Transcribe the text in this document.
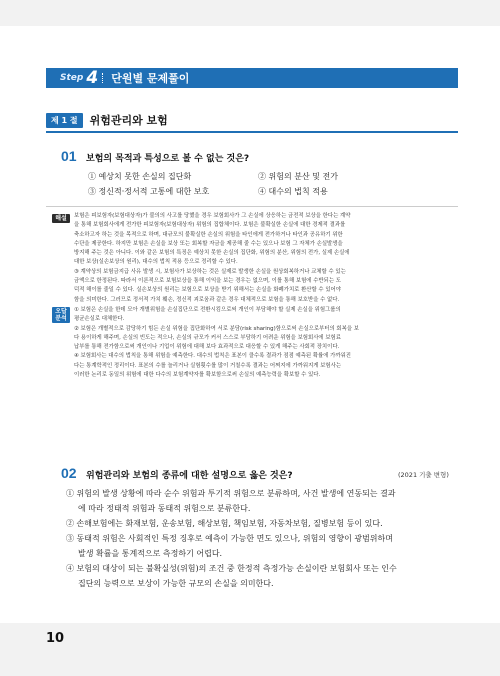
Step 4 단원별 문제풀이
제 1 절	위험관리와 보험
01 보험의 목적과 특성으로 볼 수 없는 것은?
① 예상치 못한 손실의 집단화	② 위험의 분산 및 전가
③ 정신적·정서적 고통에 대한 보호	④ 대수의 법칙 적용
해설	보험은 피보험자(보험대상자)가 불의의 사고를 당했을 경우 보험회사가 그 손실에 상응하는 금전적 보상을 한다는 계약
을 통해 보험회사에게 전가한 피보험자(보험대상자) 위험의 집합체이다. 보험은 불확실한 손실에 대한 경제적 결과를
축소하고자 하는 것을 목적으로 하며, 대규모의 불확실한 손실의 위험을 타인에게 전가하거나 타인과 공유하기 위한
수단을 제공한다. 하지만 보험은 손실을 보상 또는 회복할 자금을 제공해 줄 수는 있으나 보험 그 자체가 손실발생을
방지해 주는 것은 아니다. 이와 같은 보험의 특징은 예상치 못한 손실의 집단화, 위험의 분산, 위험의 전가, 실제 손실에
대한 보상(실손보상의 원리), 대수의 법칙 적용 등으로 정리할 수 있다.
③ 계약상의 보험금지급 사유 발생 시, 보험사가 보상하는 것은 실제로 발생한 손실을 원상회복하거나 교체할 수 있는
금액으로 한정된다. 따라서 이론적으로 보험보상을 통해 이익을 보는 경우는 없으며, 이를 통해 보험에 수반되는 도
덕적 해이를 줄일 수 있다. 실손보상의 원리는 보험으로 보상을 받기 위해서는 손실을 화폐가치로 환산할 수 있어야
함을 의미한다. 그러므로 정서적 가치 훼손, 정신적 괴로움과 같은 경우 대체적으로 보험을 통해 보호받을 수 없다.
오답 분석
① 보험은 손실을 한데 모아 개별위험을 손실집단으로 전환시킴으로써 개인이 부담해야 할 실제 손실을 위험그룹의
평균손실로 대체한다.
② 보험은 개별적으로 감당하기 힘든 손실 위험을 집단화하여 서로 분담(risk sharing)함으로써 손실으로부터의 회복을 보
다 용이하게 해주며, 손실의 빈도는 적으나, 손실의 규모가 커서 스스로 부담하기 어려운 위험을 보험회사에 보험료
납부를 통해 전가함으로써 개인이나 기업이 위험에 대해 보다 효과적으로 대응할 수 있게 해주는 사회적 장치이다.
④ 보험회사는 대수의 법칙을 통해 위험을 예측한다. 대수의 법칙은 표본이 클수록 결과가 점점 예측된 확률에 가까워진
다는 통계학적인 정리이다. 표본의 수를 늘리거나 실험횟수를 많이 거칠수록 결과는 어쩌지에 가까워지게 보험사는
이러한 논리로 동일의 위험에 대한 다수의 보험계약자를 확보함으로써 손실의 예측능력을 확보할 수 있다.
02 위험관리와 보험의 종류에 대한 설명으로 옳은 것은?	(2021 기출 변형)
① 위험의 발생 상황에 따라 순수 위험과 투기적 위험으로 분류하며, 사건 발생에 연동되는 결과
에 따라 정태적 위험과 동태적 위험으로 분류한다.
② 손해보험에는 화재보험, 운송보험, 해상보험, 책임보험, 자동차보험, 질병보험 등이 있다.
③ 동태적 위험은 사회적인 특정 징후로 예측이 가능한 면도 있으나, 위험의 영향이 광범위하며
발생 확률을 통계적으로 측정하기 어렵다.
④ 보험의 대상이 되는 불확실성(위험)의 조건 중 한정적 측정가능 손실이란 보험회사 또는 인수
집단의 능력으로 보상이 가능한 규모의 손실을 의미한다.
10
